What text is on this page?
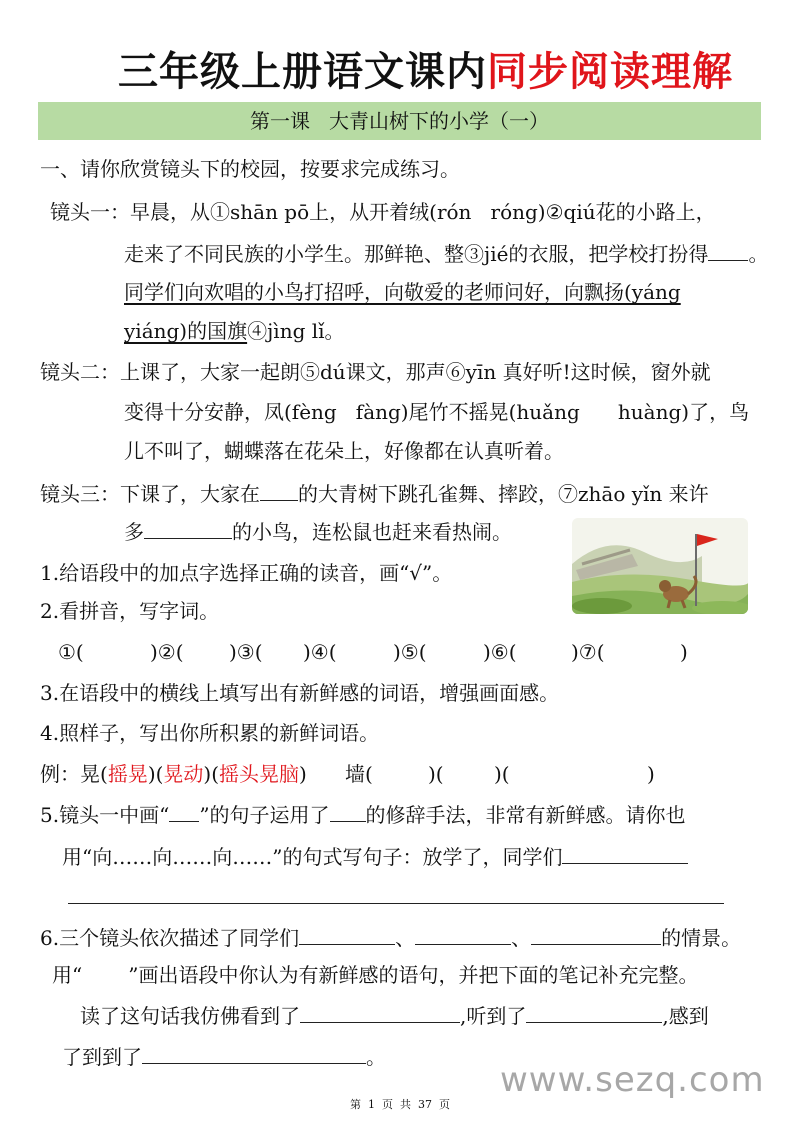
三年级上册语文课内同步阅读理解
第一课   大青山树下的小学（一）
一、请你欣赏镜头下的校园，按要求完成练习。
镜头一：早晨，从①shān pō上，从开着绒(rón   róng)②qiú花的小路上，
走来了不同民族的小学生。那鲜艳、整③jié的衣服，把学校打扮得 。
同学们向欢唱的小鸟打招呼，向敬爱的老师问好，向飘扬(yáng
yiáng)的国旗④jìng lǐ。
镜头二：上课了，大家一起朗⑤dú课文，那声⑥yīn 真好听!这时候，窗外就
变得十分安静，凤(fèng   fàng)尾竹不摇晃(huǎng      huàng)了，鸟
儿不叫了，蝴蝶落在花朵上，好像都在认真听着。
镜头三：下课了，大家在 的大青树下跳孔雀舞、摔跤，⑦zhāo yǐn 来许
多	的小鸟，连松鼠也赶来看热闹。
1.给语段中的加点字选择正确的读音，画“√”。
2.看拼音，写字词。
①(	)②( )③( )④(	)⑤(	)⑥(	)⑦(	)
3.在语段中的横线上填写出有新鲜感的词语，增强画面感。
4.照样子，写出你所积累的新鲜词语。
例：晃(摇晃)(晃动)(摇头晃脑) 墙(	)(	)(	)
5.镜头一中画“ ”的句子运用了 的修辞手法，非常有新鲜感。请你也
用“向……向……向……”的句式写句子：放学了，同学们
6.三个镜头依次描述了同学们	、	、	的情景。
用“ ”画出语段中你认为有新鲜感的语句，并把下面的笔记补充完整。
读了这句话我仿佛看到了	,听到了	,感到
了到到了	。
www.sezq.com
第  1  页  共  37  页
